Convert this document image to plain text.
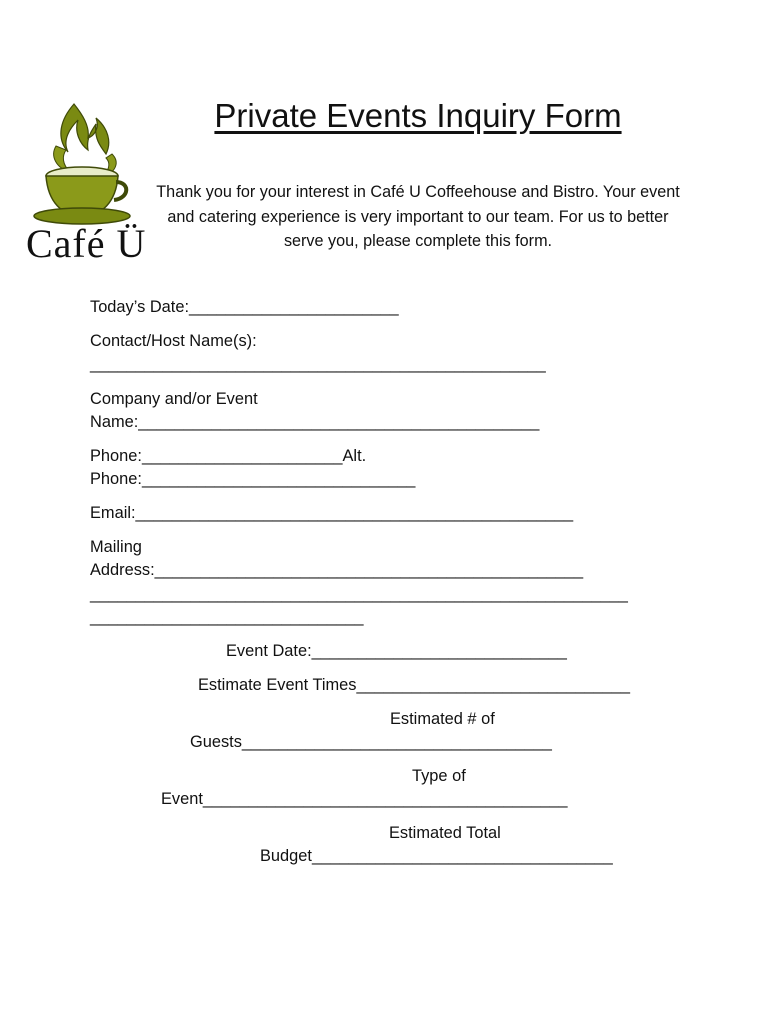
Café Ü
Private Events Inquiry Form
Thank you for your interest in Café U Coffeehouse and Bistro. Your event and catering experience is very important to our team. For us to better serve you, please complete this form.
Today’s Date:_______________________
Contact/Host Name(s):
__________________________________________________
Company and/or Event
Name:____________________________________________
Phone:______________________Alt.
Phone:______________________________
Email:________________________________________________
Mailing
Address:_______________________________________________
___________________________________________________________
______________________________
Event Date:____________________________
Estimate Event Times______________________________
Estimated # of
Guests__________________________________
Type of
Event________________________________________
Estimated Total
Budget_________________________________
